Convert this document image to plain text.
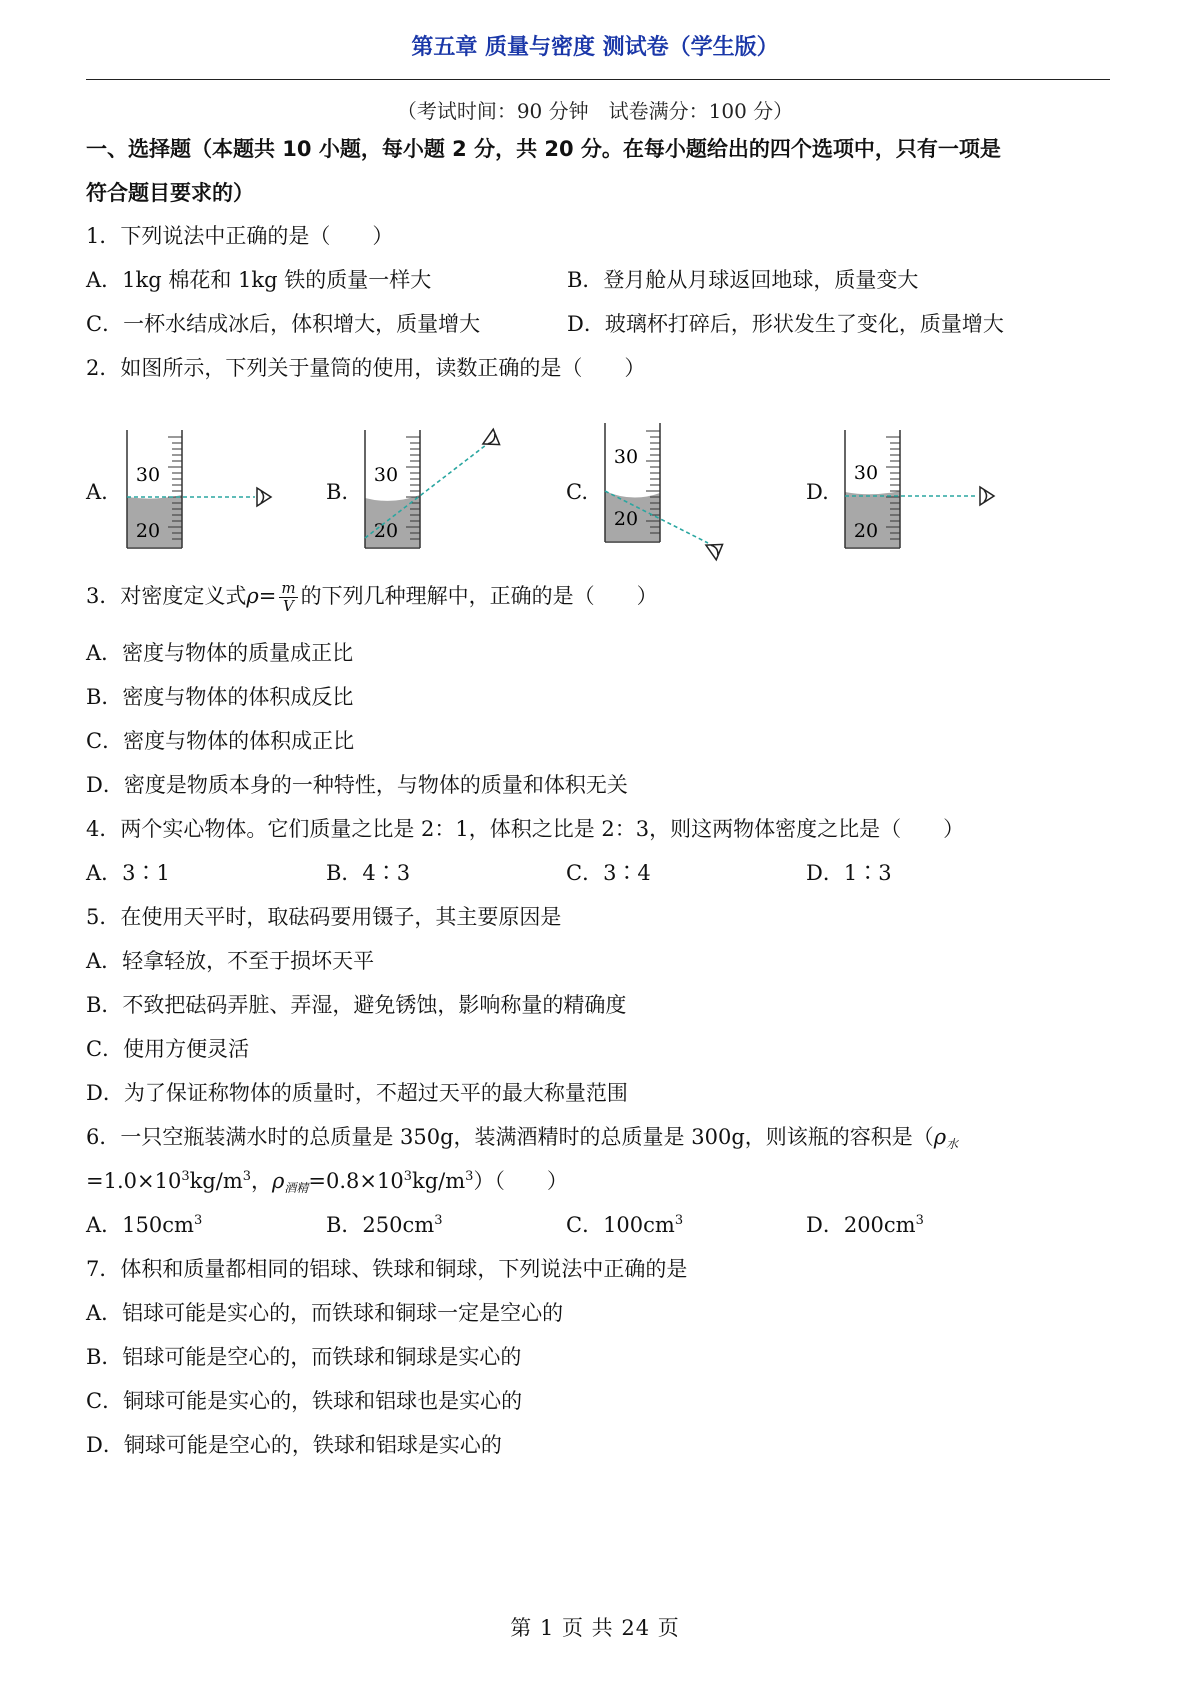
第五章 质量与密度 测试卷（学生版）
（考试时间：90 分钟　试卷满分：100 分）
一、选择题（本题共 10 小题，每小题 2 分，共 20 分。在每小题给出的四个选项中，只有一项是
符合题目要求的）
1．下列说法中正确的是（　　）
A．1kg 棉花和 1kg 铁的质量一样大	B．登月舱从月球返回地球，质量变大
C．一杯水结成冰后，体积增大，质量增大	D．玻璃杯打碎后，形状发生了变化，质量增大
2．如图所示，下列关于量筒的使用，读数正确的是（　　）
A.	B.	C.	D.
30
20
30
20
30
20
30
20
3．对密度定义式$\rho= \frac{m}{V}$ 的下列几种理解中，正确的是（　　）
A．密度与物体的质量成正比
B．密度与物体的体积成反比
C．密度与物体的体积成正比
D．密度是物质本身的一种特性，与物体的质量和体积无关
4．两个实心物体。它们质量之比是 2：1，体积之比是 2：3，则这两物体密度之比是（　　）
A．3∶1	B．4∶3	C．3∶4	D．1∶3
5．在使用天平时，取砝码要用镊子，其主要原因是
A．轻拿轻放，不至于损坏天平
B．不致把砝码弄脏、弄湿，避免锈蚀，影响称量的精确度
C．使用方便灵活
D．为了保证称物体的质量时，不超过天平的最大称量范围
6．一只空瓶装满水时的总质量是 350g，装满酒精时的总质量是 300g，则该瓶的容积是（$\rho_水$
$=1.0\times 10^3kg/m^3$，$\rho_{酒精}=0.8\times 10^3kg/m^3$）（　　）
A．$150cm^3$	B．$250cm^3$	C．$100cm^3$	D．$200cm^3$
7．体积和质量都相同的铝球、铁球和铜球，下列说法中正确的是
A．铝球可能是实心的，而铁球和铜球一定是空心的
B．铝球可能是空心的，而铁球和铜球是实心的
C．铜球可能是实心的，铁球和铝球也是实心的
D．铜球可能是空心的，铁球和铝球是实心的
第 1 页 共 24 页
